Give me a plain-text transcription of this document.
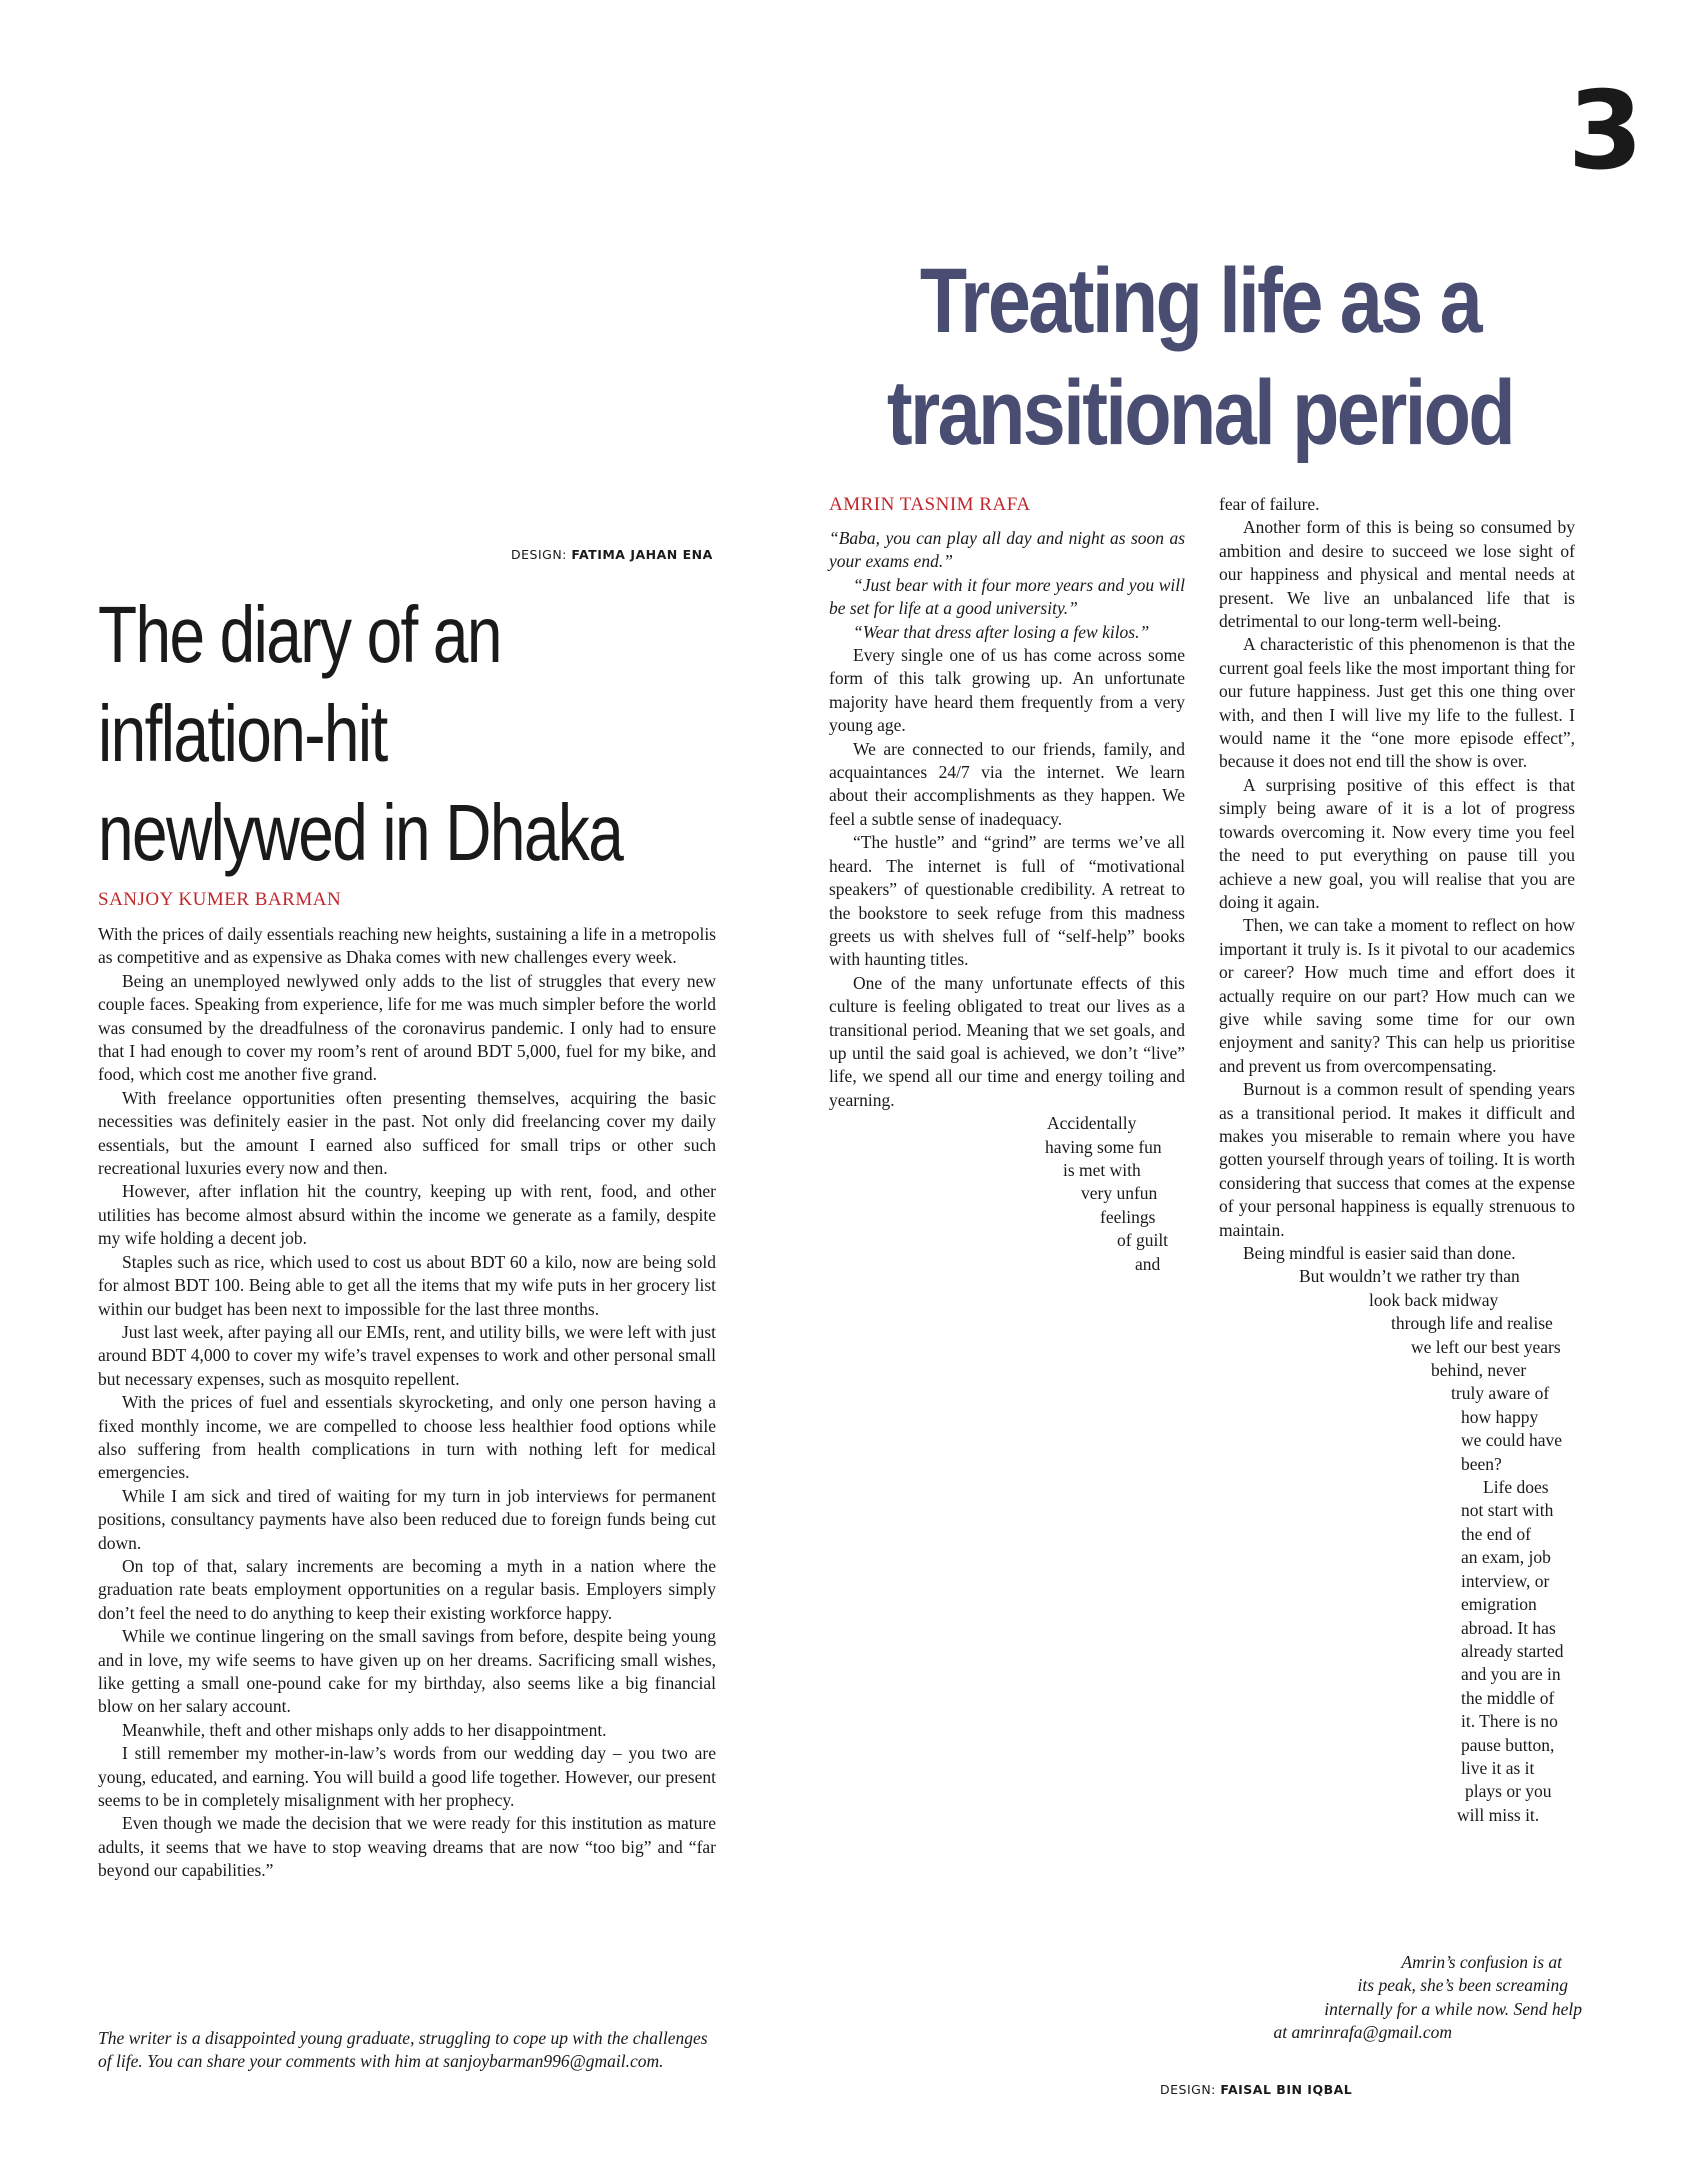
3
Treating life as a
transitional period
AMRIN TASNIM RAFA
DESIGN: FATIMA JAHAN ENA
The diary of an
inflation-hit
newlywed in Dhaka
SANJOY KUMER BARMAN

With the prices of daily essentials reaching new heights, sustaining a life in a metropolis as competitive and as expensive as Dhaka comes with new challenges every week.

Being an unemployed newlywed only adds to the list of struggles that every new couple faces. Speaking from experience, life for me was much simpler before the world was consumed by the dreadfulness of the coronavirus pandemic. I only had to ensure that I had enough to cover my room’s rent of around BDT 5,000, fuel for my bike, and food, which cost me another five grand.

With freelance opportunities often presenting themselves, acquiring the basic necessities was definitely easier in the past. Not only did freelancing cover my daily essentials, but the amount I earned also sufficed for small trips or other such recreational luxuries every now and then.

However, after inflation hit the country, keeping up with rent, food, and other utilities has become almost absurd within the income we generate as a family, despite my wife holding a decent job.

Staples such as rice, which used to cost us about BDT 60 a kilo, now are being sold for almost BDT 100. Being able to get all the items that my wife puts in her grocery list within our budget has been next to impossible for the last three months.

Just last week, after paying all our EMIs, rent, and utility bills, we were left with just around BDT 4,000 to cover my wife’s travel expenses to work and other personal small but necessary expenses, such as mosquito repellent.

With the prices of fuel and essentials skyrocketing, and only one person having a fixed monthly income, we are compelled to choose less healthier food options while also suffering from health complications in turn with nothing left for medical emergencies.

While I am sick and tired of waiting for my turn in job interviews for permanent positions, consultancy payments have also been reduced due to foreign funds being cut down.

On top of that, salary increments are becoming a myth in a nation where the graduation rate beats employment opportunities on a regular basis. Employers simply don’t feel the need to do anything to keep their existing workforce happy.

While we continue lingering on the small savings from before, despite being young and in love, my wife seems to have given up on her dreams. Sacrificing small wishes, like getting a small one-pound cake for my birthday, also seems like a big financial blow on her salary account.

Meanwhile, theft and other mishaps only adds to her disappointment.

I still remember my mother-in-law’s words from our wedding day – you two are young, educated, and earning. You will build a good life together. However, our present seems to be in completely misalignment with her prophecy.

Even though we made the decision that we were ready for this institution as mature adults, it seems that we have to stop weaving dreams that are now “too big” and “far beyond our capabilities.”

The writer is a disappointed young graduate, struggling to cope up with the challenges of life. You can share your comments with him at sanjoybarman996@gmail.com.

“Baba, you can play all day and night as soon as your exams end.”

“Just bear with it four more years and you will be set for life at a good university.”

“Wear that dress after losing a few kilos.”

Every single one of us has come across some form of this talk growing up. An unfortunate majority have heard them frequently from a very young age.

We are connected to our friends, family, and acquaintances 24/7 via the internet. We learn about their accomplishments as they happen. We feel a subtle sense of inadequacy.

“The hustle” and “grind” are terms we’ve all heard. The internet is full of “motivational speakers” of questionable credibility. A retreat to the bookstore to seek refuge from this madness greets us with shelves full of “self-help” books with haunting titles.

One of the many unfortunate effects of this culture is feeling obligated to treat our lives as a transitional period. Meaning that we set goals, and up until the said goal is achieved, we don’t “live” life, we spend all our time and energy toiling and yearning.

Accidentally
having some fun
is met with
very unfun
feelings
of guilt
and

fear of failure.

Another form of this is being so consumed by ambition and desire to succeed we lose sight of our happiness and physical and mental needs at present. We live an unbalanced life that is detrimental to our long-term well-being.

A characteristic of this phenomenon is that the current goal feels like the most important thing for our future happiness. Just get this one thing over with, and then I will live my life to the fullest. I would name it the “one more episode effect”, because it does not end till the show is over.

A surprising positive of this effect is that simply being aware of it is a lot of progress towards overcoming it. Now every time you feel the need to put everything on pause till you achieve a new goal, you will realise that you are doing it again.

Then, we can take a moment to reflect on how important it truly is. Is it pivotal to our academics or career? How much time and effort does it actually require on our part? How much can we give while saving some time for our own enjoyment and sanity? This can help us prioritise and prevent us from overcompensating.

Burnout is a common result of spending years as a transitional period. It makes it difficult and makes you miserable to remain where you have gotten yourself through years of toiling. It is worth considering that success that comes at the expense of your personal happiness is equally strenuous to maintain.

Being mindful is easier said than done.

But wouldn’t we rather try than
look back midway
through life and realise
we left our best years
behind, never
truly aware of
how happy
we could have
been?
Life does
not start with
the end of
an exam, job
interview, or
emigration
abroad. It has
already started
and you are in
the middle of
it. There is no
pause button,
live it as it
plays or you
will miss it.
Amrin’s confusion is at
its peak, she’s been screaming
internally for a while now. Send help
at amrinrafa@gmail.com
DESIGN: FAISAL BIN IQBAL
